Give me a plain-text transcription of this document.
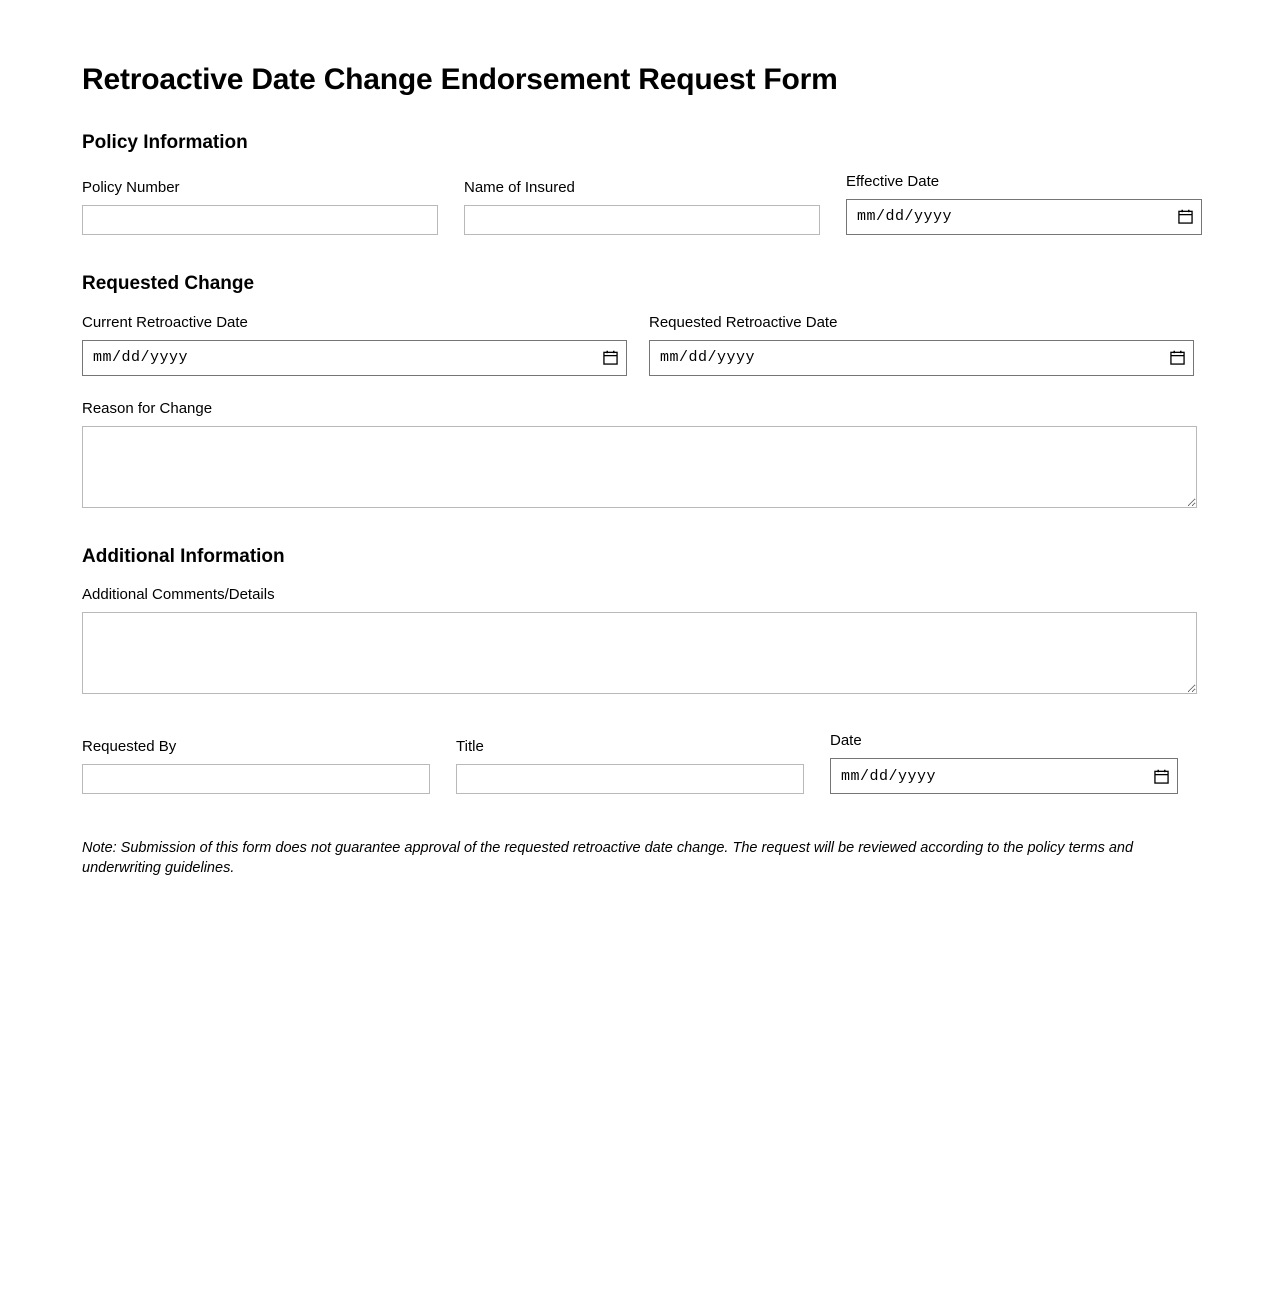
Retroactive Date Change Endorsement Request Form
Policy Information
Policy Number	Name of Insured	Effective Date
mm/dd/yyyy
Requested Change
Current Retroactive Date
mm/dd/yyyy
Requested Retroactive Date
mm/dd/yyyy
Reason for Change
Additional Information
Additional Comments/Details
Requested By	Title	Date
mm/dd/yyyy
Note: Submission of this form does not guarantee approval of the requested retroactive date change. The request will be reviewed according to the policy terms and underwriting guidelines.
